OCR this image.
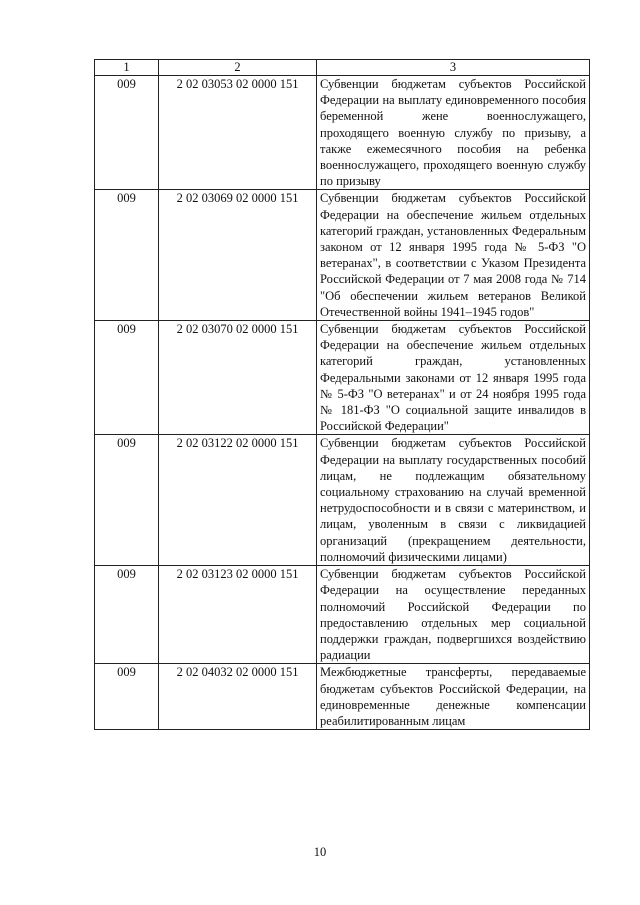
1	2	3
009	2 02 03053 02 0000 151	Субвенции бюджетам субъектов Российской Федерации на выплату единовременного пособия беременной жене военнослужащего, проходящего военную службу по призыву, а также ежемесячного пособия на ребенка военнослужащего, проходящего военную службу по призыву
009	2 02 03069 02 0000 151	Субвенции бюджетам субъектов Российской Федерации на обеспечение жильем отдельных категорий граждан, установленных Федеральным законом от 12 января 1995 года № 5-ФЗ "О ветеранах", в соответствии с Указом Президента Российской Федерации от 7 мая 2008 года № 714 "Об обеспечении жильем ветеранов Великой Отечественной войны 1941–1945 годов"
009	2 02 03070 02 0000 151	Субвенции бюджетам субъектов Российской Федерации на обеспечение жильем отдельных категорий граждан, установленных Федеральными законами от 12 января 1995 года № 5-ФЗ "О ветеранах" и от 24 ноября 1995 года № 181-ФЗ "О социальной защите инвалидов в Российской Федерации"
009	2 02 03122 02 0000 151	Субвенции бюджетам субъектов Российской Федерации на выплату государственных пособий лицам, не подлежащим обязательному социальному страхованию на случай временной нетрудоспособности и в связи с материнством, и лицам, уволенным в связи с ликвидацией организаций (прекращением деятельности, полномочий физическими лицами)
009	2 02 03123 02 0000 151	Субвенции бюджетам субъектов Российской Федерации на осуществление переданных полномочий Российской Федерации по предоставлению отдельных мер социальной поддержки граждан, подвергшихся воздействию радиации
009	2 02 04032 02 0000 151	Межбюджетные трансферты, передаваемые бюджетам субъектов Российской Федерации, на единовременные денежные компенсации реабилитированным лицам
10
